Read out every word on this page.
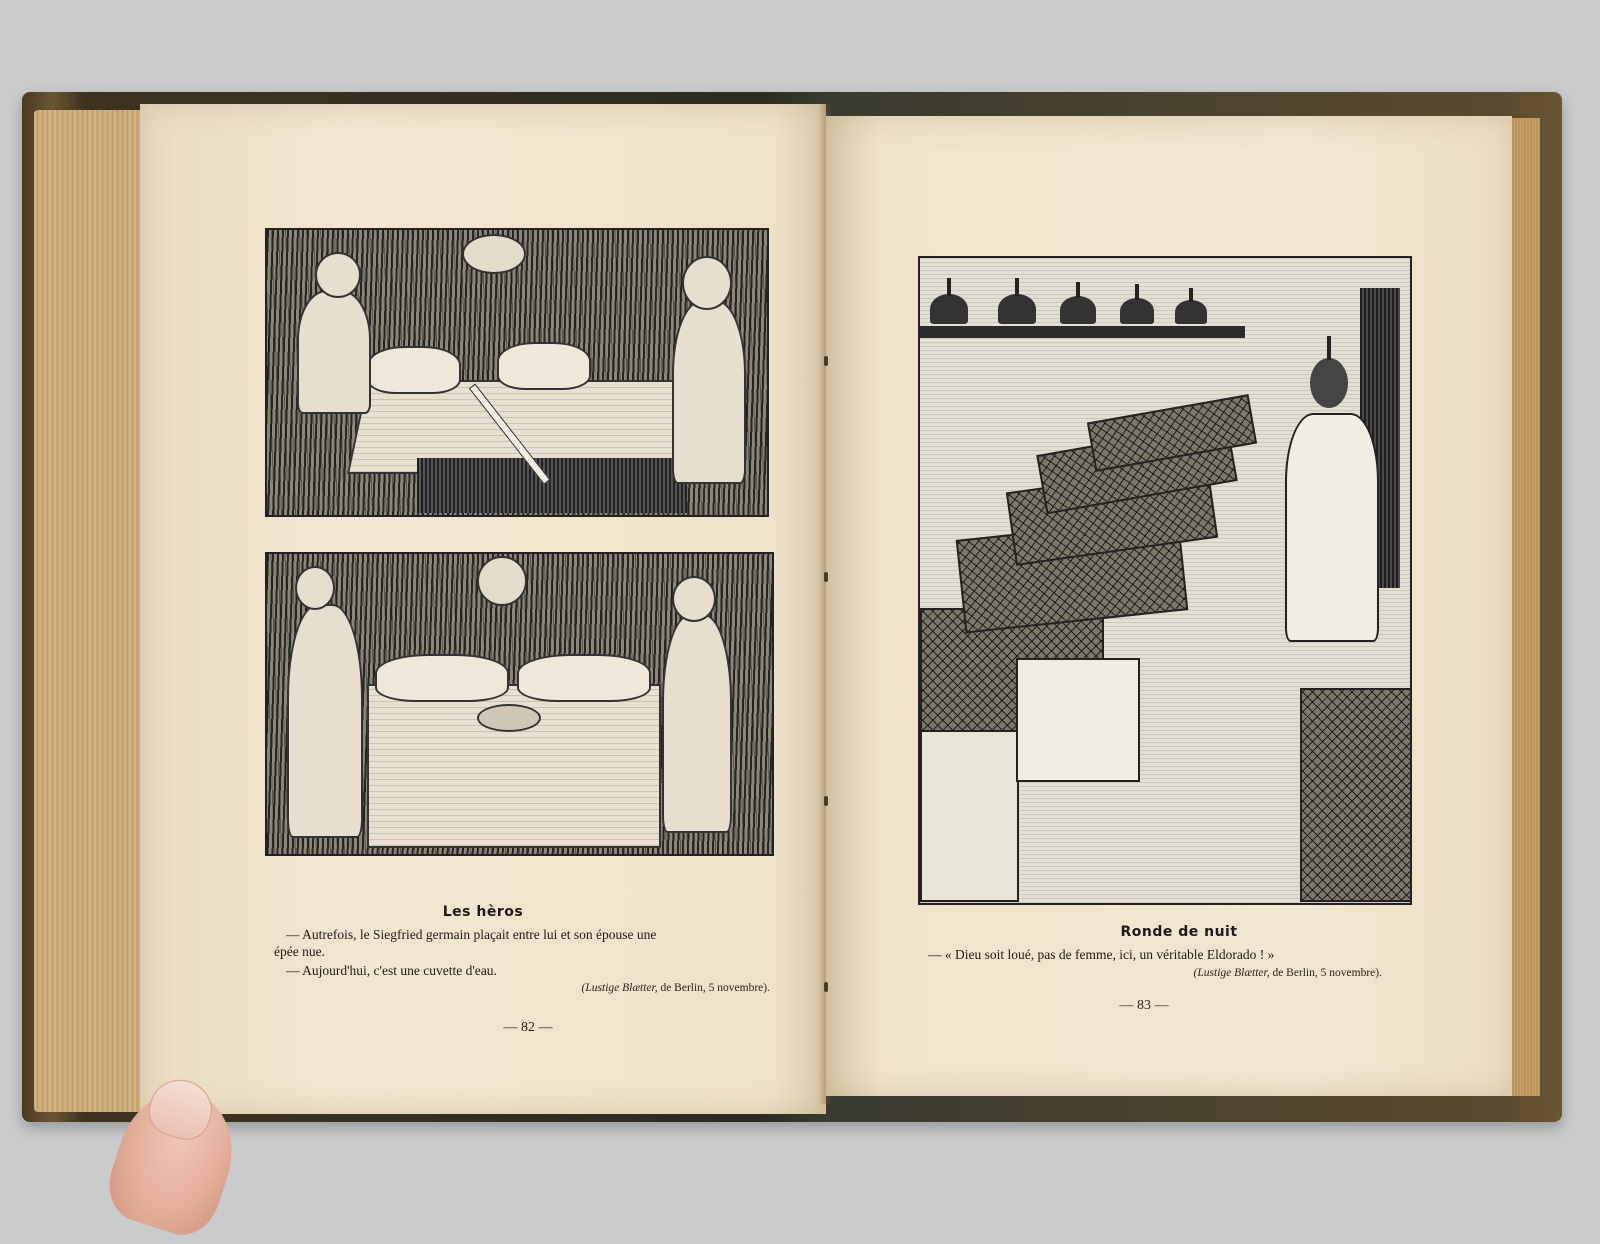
Les hèros
— Autrefois, le Siegfried germain plaçait entre lui et son épouse une
épée nue.
— Aujourd'hui, c'est une cuvette d'eau.
(Lustige Blætter, de Berlin, 5 novembre).
— 82 —
Ronde de nuit
— « Dieu soit loué, pas de femme, ici, un véritable Eldorado ! »
(Lustige Blætter, de Berlin, 5 novembre).
— 83 —
